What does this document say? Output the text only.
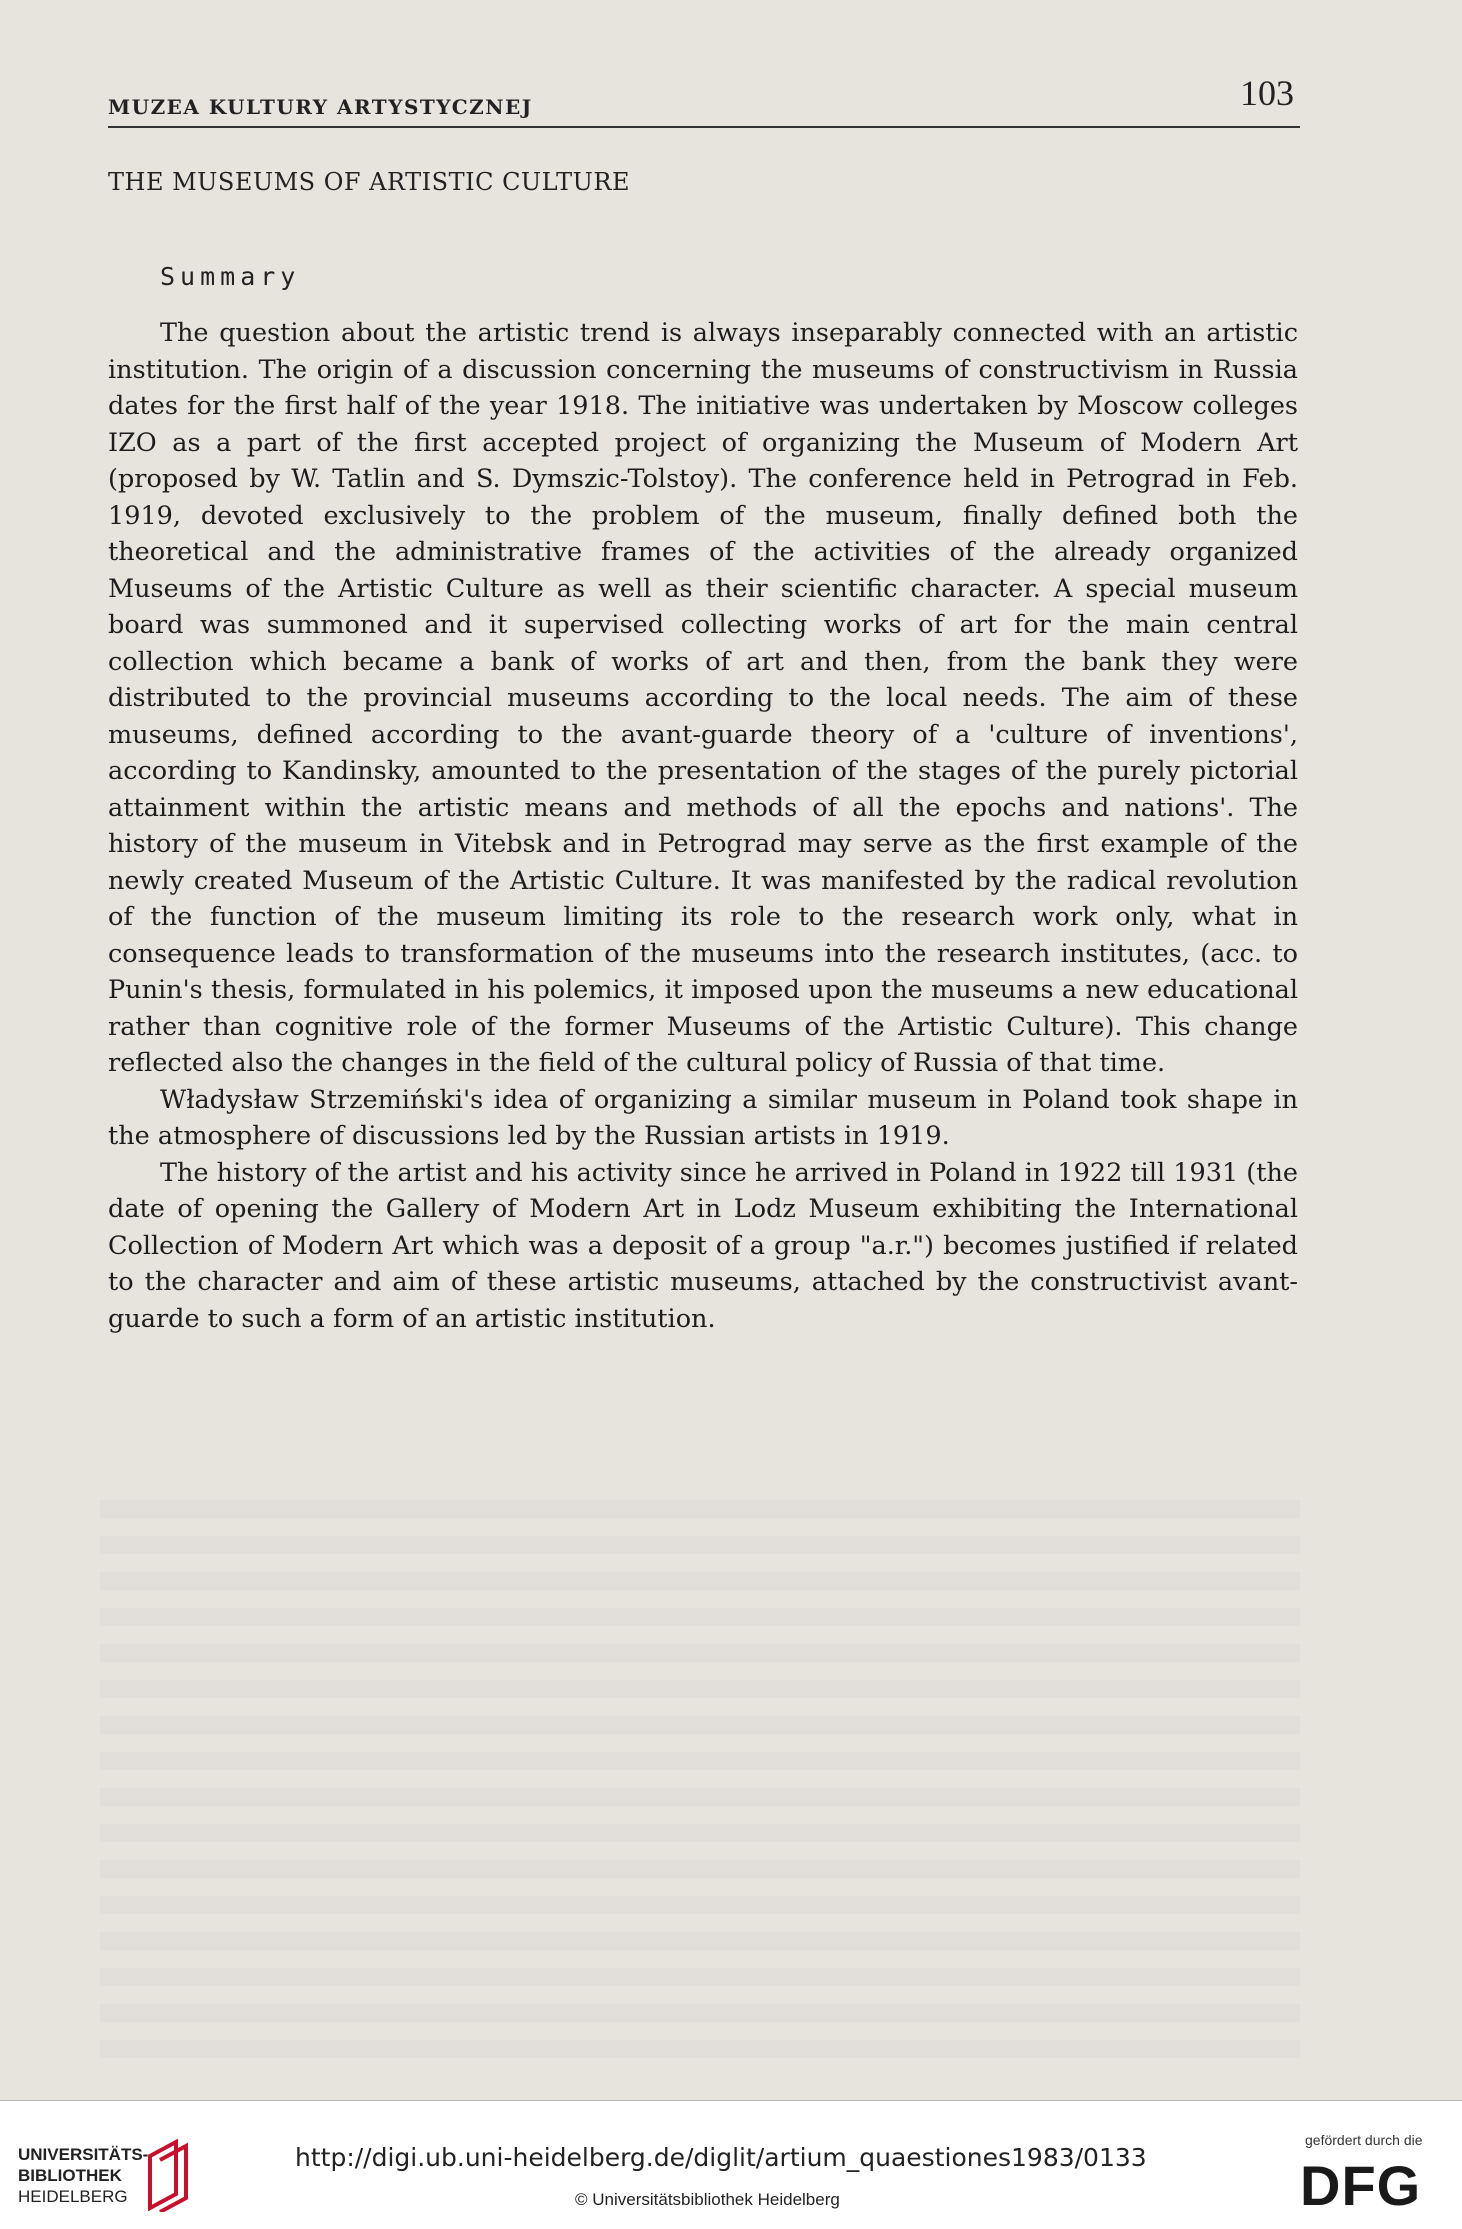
MUZEA KULTURY ARTYSTYCZNEJ	103
THE MUSEUMS OF ARTISTIC CULTURE
Summary

The question about the artistic trend is always inseparably connected with an artistic institution. The origin of a discussion concerning the museums of constructivism in Russia dates for the first half of the year 1918. The initiative was undertaken by Moscow colleges IZO as a part of the first accepted project of organizing the Museum of Modern Art (proposed by W. Tatlin and S. Dymszic-Tolstoy). The conference held in Petrograd in Feb. 1919, devoted exclusively to the problem of the museum, finally defined both the theoretical and the administrative frames of the activities of the already organized Museums of the Artistic Culture as well as their scientific character. A special museum board was summoned and it supervised collecting works of art for the main central collection which became a bank of works of art and then, from the bank they were distributed to the provincial museums according to the local needs. The aim of these museums, defined according to the avant-guarde theory of a 'culture of inventions', according to Kandinsky, amounted to the presentation of the stages of the purely pictorial attainment within the artistic means and methods of all the epochs and nations'. The history of the museum in Vitebsk and in Petrograd may serve as the first example of the newly created Museum of the Artistic Culture. It was manifested by the radical revolution of the function of the museum limiting its role to the research work only, what in consequence leads to transformation of the museums into the research institutes, (acc. to Punin's thesis, formulated in his polemics, it imposed upon the museums a new educational rather than cognitive role of the former Museums of the Artistic Culture). This change reflected also the changes in the field of the cultural policy of Russia of that time.

Władysław Strzemiński's idea of organizing a similar museum in Poland took shape in the atmosphere of discussions led by the Russian artists in 1919.

The history of the artist and his activity since he arrived in Poland in 1922 till 1931 (the date of opening the Gallery of Modern Art in Lodz Museum exhibiting the International Collection of Modern Art which was a deposit of a group "a.r.") becomes justified if related to the character and aim of these artistic museums, attached by the constructivist avant-guarde to such a form of an artistic institution.

UNIVERSITÄTS-
BIBLIOTHEK
HEIDELBERG
http://digi.ub.uni-heidelberg.de/diglit/artium_quaestiones1983/0133
© Universitätsbibliothek Heidelberg
gefördert durch die
DFG
